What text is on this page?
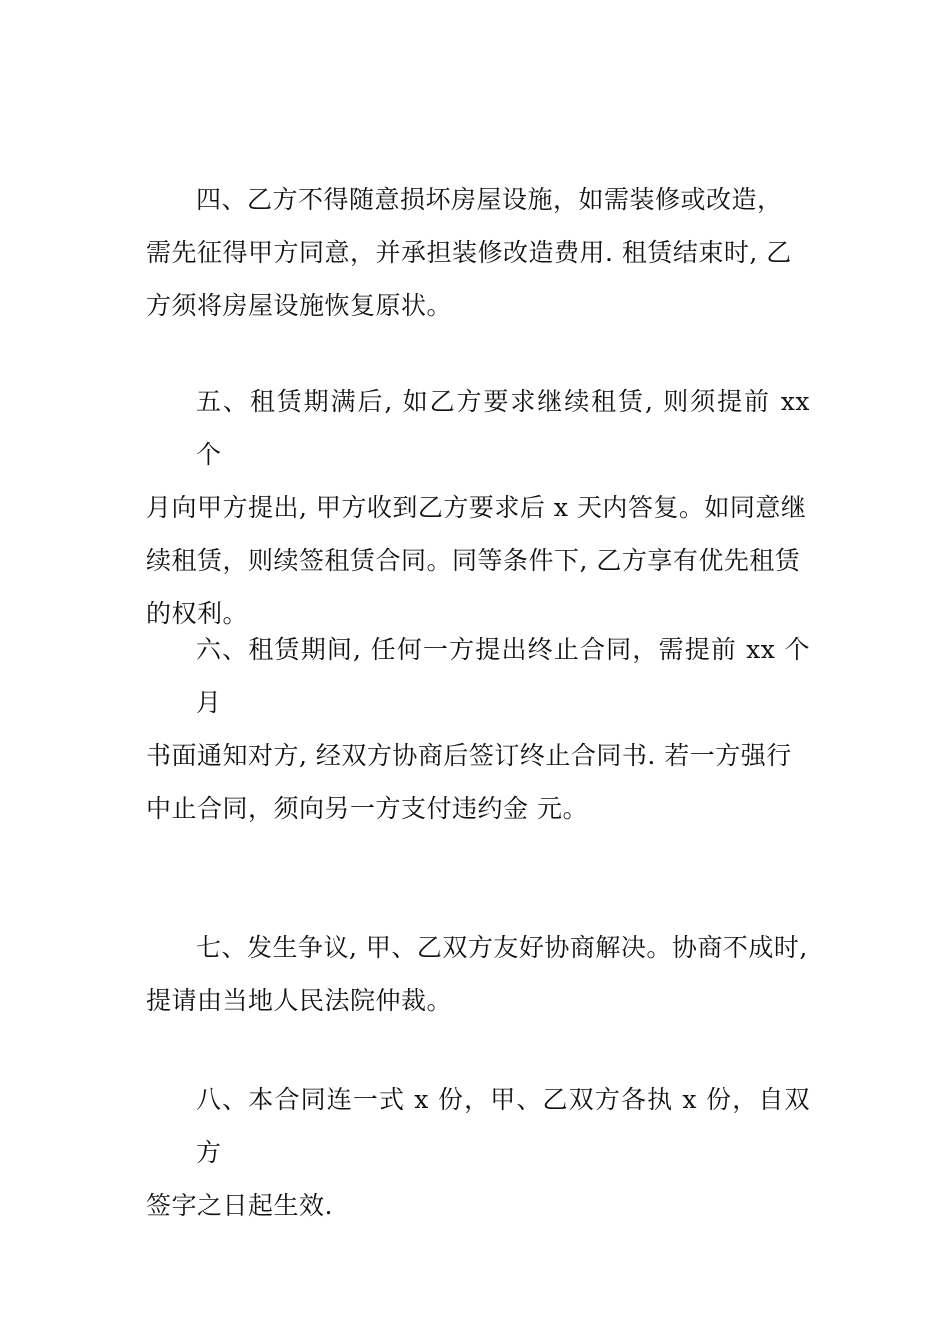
四、乙方不得随意损坏房屋设施，如需装修或改造，
需先征得甲方同意，并承担装修改造费用. 租赁结束时, 乙
方须将房屋设施恢复原状。
五、租赁期满后, 如乙方要求继续租赁, 则须提前 xx 个
月向甲方提出, 甲方收到乙方要求后 x 天内答复。如同意继
续租赁，则续签租赁合同。同等条件下, 乙方享有优先租赁
的权利。
六、租赁期间, 任何一方提出终止合同，需提前 xx 个月
书面通知对方, 经双方协商后签订终止合同书. 若一方强行
中止合同，须向另一方支付违约金 元。
七、发生争议, 甲、乙双方友好协商解决。协商不成时,
提请由当地人民法院仲裁。
八、本合同连一式 x 份，甲、乙双方各执 x 份，自双方
签字之日起生效.
